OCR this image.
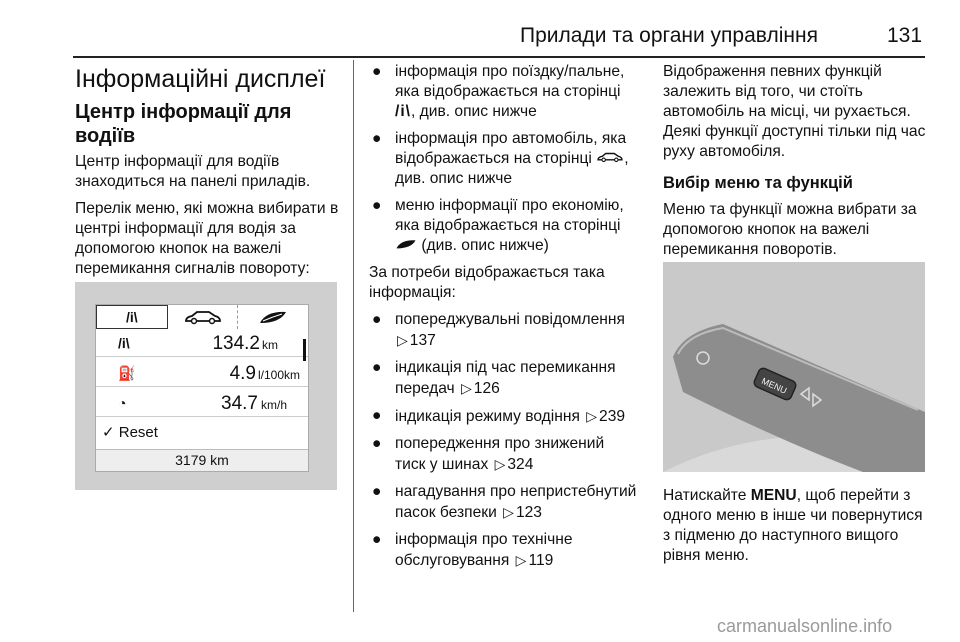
Прилади та органи управління	131
Інформаційні дисплеї
Центр інформації для водіїв
Центр інформації для водіїв знаходиться на панелі приладів.
Перелік меню, які можна вибирати в центрі інформації для водія за допомогою кнопок на важелі перемикання сигналів повороту:
/i\
/i\	134.2 km
⛽	4.9 l/100km
◔	34.7 km/h
✓ Reset
3179 km
● інформація про поїздку/пальне, яка відображається на сторінці /i\, див. опис нижче
● інформація про автомобіль, яка відображається на сторінці , див. опис нижче
● меню інформації про економію, яка відображається на сторінці  (див. опис нижче)
За потреби відображається така інформація:
● попереджувальні повідомлення ▷ 137
● індикація під час перемикання передач ▷ 126
● індикація режиму водіння ▷ 239
● попередження про знижений тиск у шинах ▷ 324
● нагадування про непристебнутий пасок безпеки ▷ 123
● інформація про технічне обслуговування ▷ 119
Відображення певних функцій залежить від того, чи стоїть автомобіль на місці, чи рухається. Деякі функції доступні тільки під час руху автомобіля.
Вибір меню та функцій
Меню та функції можна вибрати за допомогою кнопок на важелі перемикання поворотів.
MENU
Натискайте MENU, щоб перейти з одного меню в інше чи повернутися з підменю до наступного вищого рівня меню.
carmanualsonline.info
